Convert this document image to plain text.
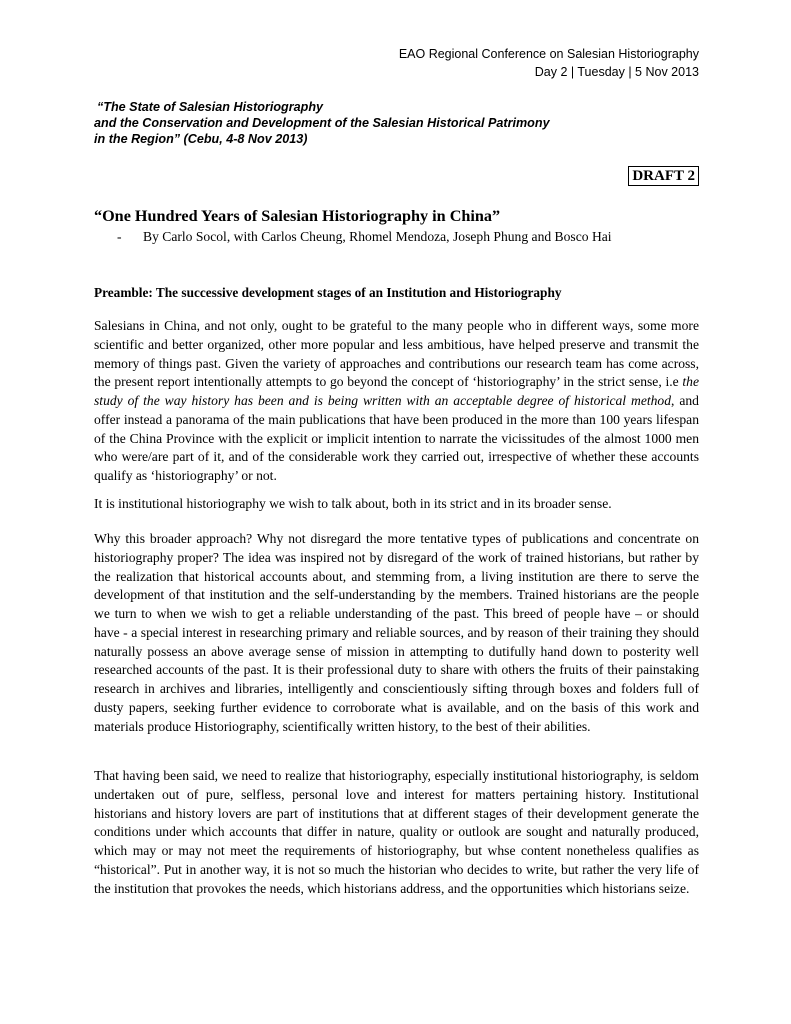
EAO Regional Conference on Salesian Historiography
Day 2 | Tuesday | 5 Nov 2013
“The State of Salesian Historiography
and the Conservation and Development of the Salesian Historical Patrimony
in the Region” (Cebu, 4-8 Nov 2013)
DRAFT 2
“One Hundred Years of Salesian Historiography in China”
- By Carlo Socol, with Carlos Cheung, Rhomel Mendoza, Joseph Phung and Bosco Hai
Preamble: The successive development stages of an Institution and Historiography
Salesians in China, and not only, ought to be grateful to the many people who in different ways, some more scientific and better organized, other more popular and less ambitious, have helped preserve and transmit the memory of things past. Given the variety of approaches and contributions our research team has come across, the present report intentionally attempts to go beyond the concept of ‘historiography’ in the strict sense, i.e the study of the way history has been and is being written with an acceptable degree of historical method, and offer instead a panorama of the main publications that have been produced in the more than 100 years lifespan of the China Province with the explicit or implicit intention to narrate the vicissitudes of the almost 1000 men who were/are part of it, and of the considerable work they carried out, irrespective of whether these accounts qualify as ‘historiography’ or not.
It is institutional historiography we wish to talk about, both in its strict and in its broader sense.
Why this broader approach? Why not disregard the more tentative types of publications and concentrate on historiography proper? The idea was inspired not by disregard of the work of trained historians, but rather by the realization that historical accounts about, and stemming from, a living institution are there to serve the development of that institution and the self-understanding by the members. Trained historians are the people we turn to when we wish to get a reliable understanding of the past. This breed of people have – or should have - a special interest in researching primary and reliable sources, and by reason of their training they should naturally possess an above average sense of mission in attempting to dutifully hand down to posterity well researched accounts of the past. It is their professional duty to share with others the fruits of their painstaking research in archives and libraries, intelligently and conscientiously sifting through boxes and folders full of dusty papers, seeking further evidence to corroborate what is available, and on the basis of this work and materials produce Historiography, scientifically written history, to the best of their abilities.
That having been said, we need to realize that historiography, especially institutional historiography, is seldom undertaken out of pure, selfless, personal love and interest for matters pertaining history. Institutional historians and history lovers are part of institutions that at different stages of their development generate the conditions under which accounts that differ in nature, quality or outlook are sought and naturally produced, which may or may not meet the requirements of historiography, but whse content nonetheless qualifies as “historical”. Put in another way, it is not so much the historian who decides to write, but rather the very life of the institution that provokes the needs, which historians address, and the opportunities which historians seize.
